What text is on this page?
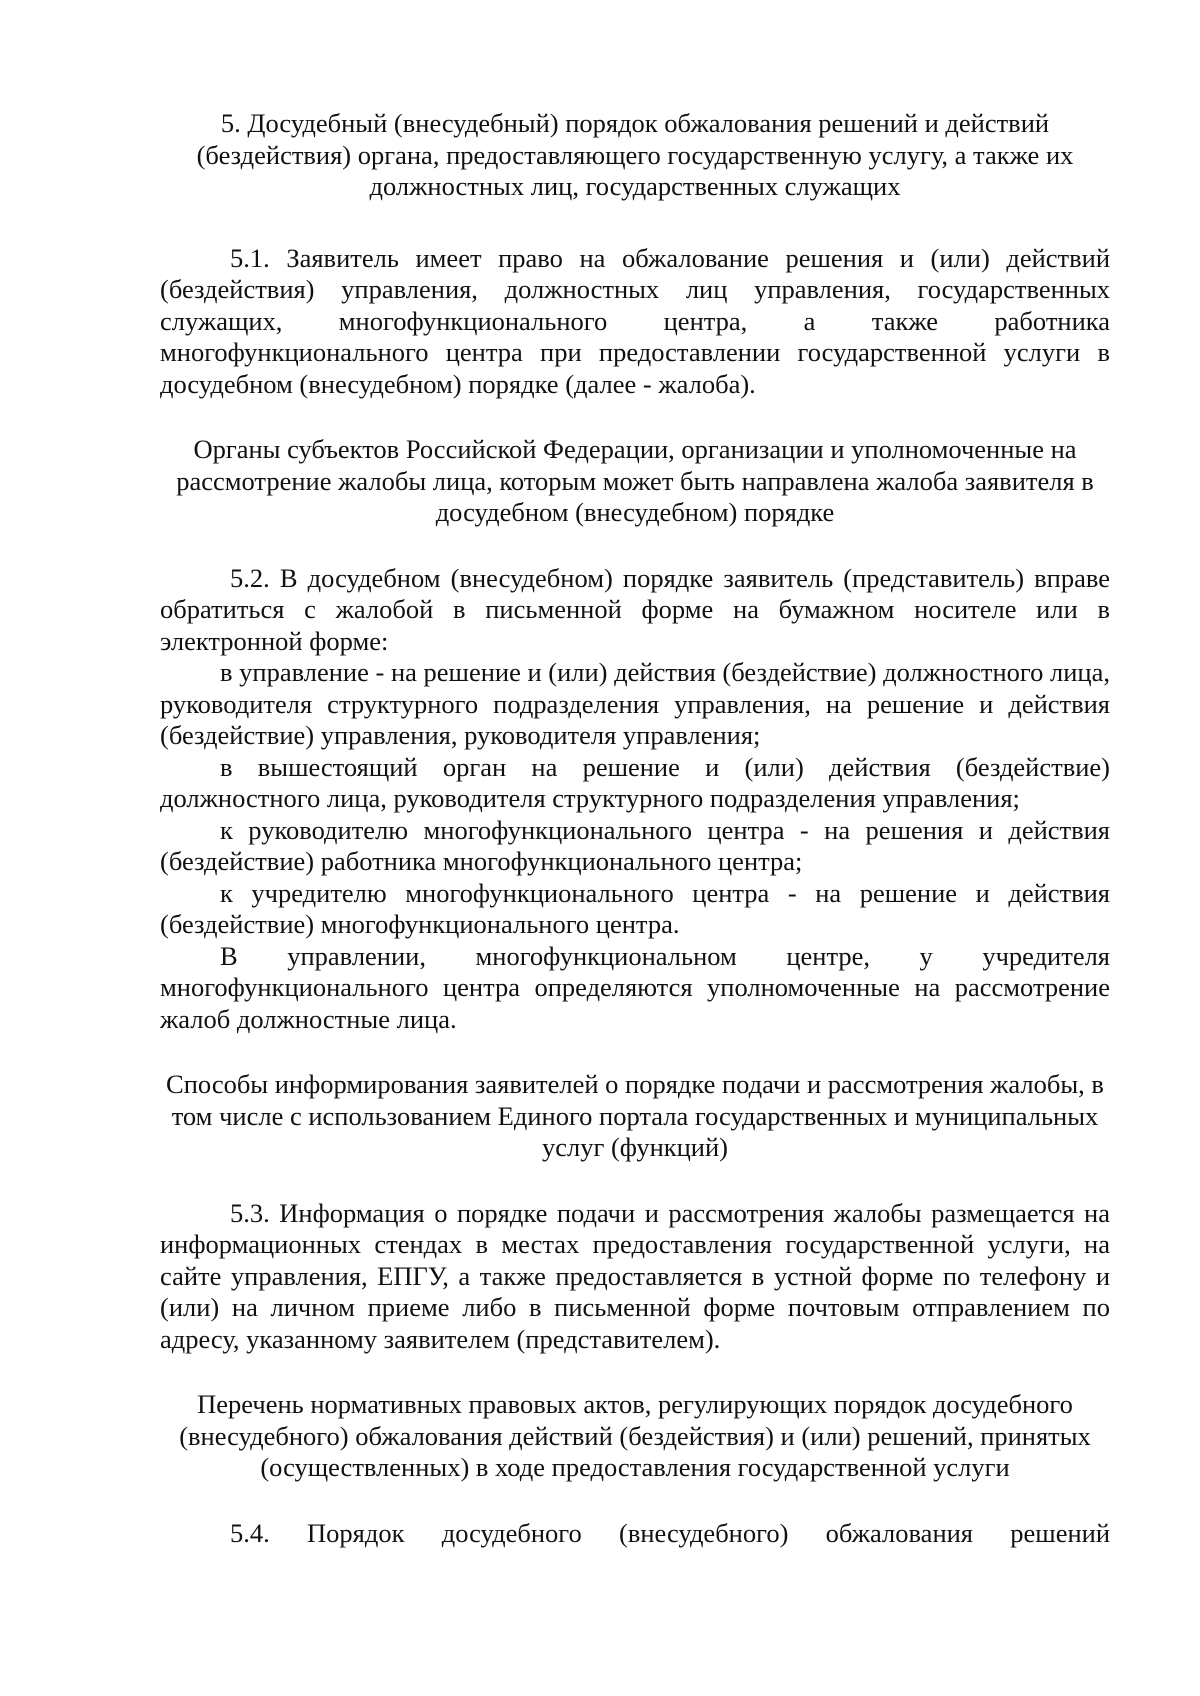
5. Досудебный (внесудебный) порядок обжалования решений и действий (бездействия) органа, предоставляющего государственную услугу, а также их должностных лиц, государственных служащих

5.1. Заявитель имеет право на обжалование решения и (или) действий (бездействия) управления, должностных лиц управления, государственных служащих, многофункционального центра, а также работника многофункционального центра при предоставлении государственной услуги в досудебном (внесудебном) порядке (далее - жалоба).

Органы субъектов Российской Федерации, организации и уполномоченные на рассмотрение жалобы лица, которым может быть направлена жалоба заявителя в досудебном (внесудебном) порядке

5.2. В досудебном (внесудебном) порядке заявитель (представитель) вправе обратиться с жалобой в письменной форме на бумажном носителе или в электронной форме:

в управление - на решение и (или) действия (бездействие) должностного лица, руководителя структурного подразделения управления, на решение и действия (бездействие) управления, руководителя управления;

в вышестоящий орган на решение и (или) действия (бездействие) должностного лица, руководителя структурного подразделения управления;

к руководителю многофункционального центра - на решения и действия (бездействие) работника многофункционального центра;

к учредителю многофункционального центра - на решение и действия (бездействие) многофункционального центра.

В управлении, многофункциональном центре, у учредителя многофункционального центра определяются уполномоченные на рассмотрение жалоб должностные лица.

Способы информирования заявителей о порядке подачи и рассмотрения жалобы, в том числе с использованием Единого портала государственных и муниципальных услуг (функций)

5.3. Информация о порядке подачи и рассмотрения жалобы размещается на информационных стендах в местах предоставления государственной услуги, на сайте управления, ЕПГУ, а также предоставляется в устной форме по телефону и (или) на личном приеме либо в письменной форме почтовым отправлением по адресу, указанному заявителем (представителем).

Перечень нормативных правовых актов, регулирующих порядок досудебного (внесудебного) обжалования действий (бездействия) и (или) решений, принятых (осуществленных) в ходе предоставления государственной услуги

5.4. Порядок досудебного (внесудебного) обжалования решений
